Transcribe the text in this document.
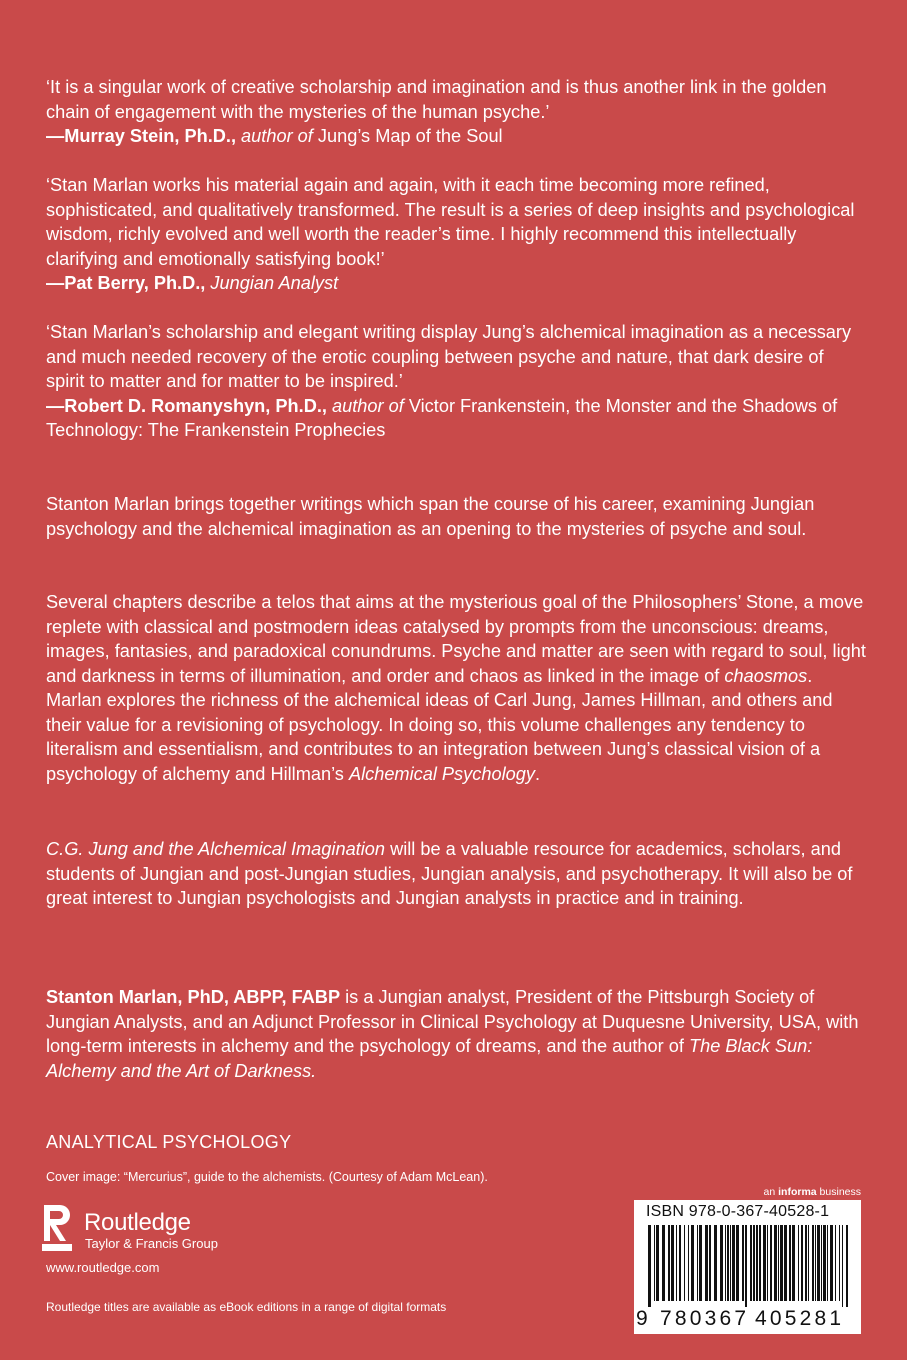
‘It is a singular work of creative scholarship and imagination and is thus another link in the golden chain of engagement with the mysteries of the human psyche.’
—Murray Stein, Ph.D., author of Jung’s Map of the Soul
‘Stan Marlan works his material again and again, with it each time becoming more refined, sophisticated, and qualitatively transformed. The result is a series of deep insights and psychological wisdom, richly evolved and well worth the reader’s time. I highly recommend this intellectually clarifying and emotionally satisfying book!’
—Pat Berry, Ph.D., Jungian Analyst
‘Stan Marlan’s scholarship and elegant writing display Jung’s alchemical imagination as a necessary and much needed recovery of the erotic coupling between psyche and nature, that dark desire of spirit to matter and for matter to be inspired.’
—Robert D. Romanyshyn, Ph.D., author of Victor Frankenstein, the Monster and the Shadows of Technology: The Frankenstein Prophecies
Stanton Marlan brings together writings which span the course of his career, examining Jungian psychology and the alchemical imagination as an opening to the mysteries of psyche and soul.
Several chapters describe a telos that aims at the mysterious goal of the Philosophers’ Stone, a move replete with classical and postmodern ideas catalysed by prompts from the unconscious: dreams, images, fantasies, and paradoxical conundrums. Psyche and matter are seen with regard to soul, light and darkness in terms of illumination, and order and chaos as linked in the image of chaosmos. Marlan explores the richness of the alchemical ideas of Carl Jung, James Hillman, and others and their value for a revisioning of psychology. In doing so, this volume challenges any tendency to literalism and essentialism, and contributes to an integration between Jung’s classical vision of a psychology of alchemy and Hillman’s Alchemical Psychology.
C.G. Jung and the Alchemical Imagination will be a valuable resource for academics, scholars, and students of Jungian and post-Jungian studies, Jungian analysis, and psychotherapy. It will also be of great interest to Jungian psychologists and Jungian analysts in practice and in training.
Stanton Marlan, PhD, ABPP, FABP is a Jungian analyst, President of the Pittsburgh Society of Jungian Analysts, and an Adjunct Professor in Clinical Psychology at Duquesne University, USA, with long-term interests in alchemy and the psychology of dreams, and the author of The Black Sun: Alchemy and the Art of Darkness.
ANALYTICAL PSYCHOLOGY
Cover image: “Mercurius”, guide to the alchemists. (Courtesy of Adam McLean).
Routledge
Taylor & Francis Group
www.routledge.com
Routledge titles are available as eBook editions in a range of digital formats
an informa business
ISBN 978-0-367-40528-1
9 780367 405281
